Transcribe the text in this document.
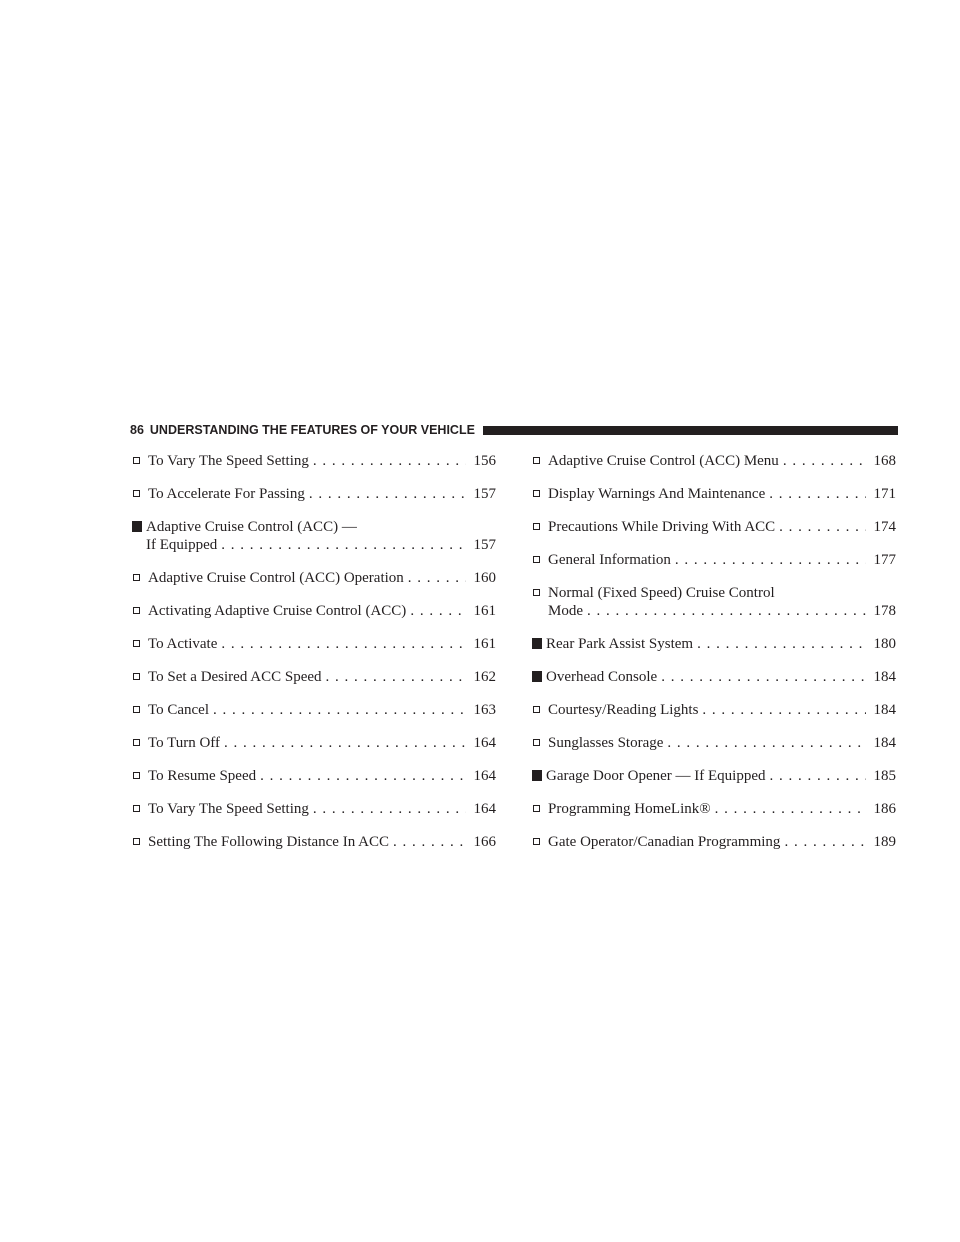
86 UNDERSTANDING THE FEATURES OF YOUR VEHICLE
To Vary The Speed Setting . . .	156
To Accelerate For Passing . . .	157
Adaptive Cruise Control (ACC) —
If Equipped . . .	157
Adaptive Cruise Control (ACC) Operation . . .	160
Activating Adaptive Cruise Control (ACC) . . .	161
To Activate . . .	161
To Set a Desired ACC Speed . . .	162
To Cancel . . .	163
To Turn Off . . .	164
To Resume Speed . . .	164
To Vary The Speed Setting . . .	164
Setting The Following Distance In ACC . . .	166
Adaptive Cruise Control (ACC) Menu . . .	168
Display Warnings And Maintenance . . .	171
Precautions While Driving With ACC . . .	174
General Information . . .	177
Normal (Fixed Speed) Cruise Control
Mode . . .	178
Rear Park Assist System . . .	180
Overhead Console . . .	184
Courtesy/Reading Lights . . .	184
Sunglasses Storage . . .	184
Garage Door Opener — If Equipped . . .	185
Programming HomeLink® . . .	186
Gate Operator/Canadian Programming . . .	189
